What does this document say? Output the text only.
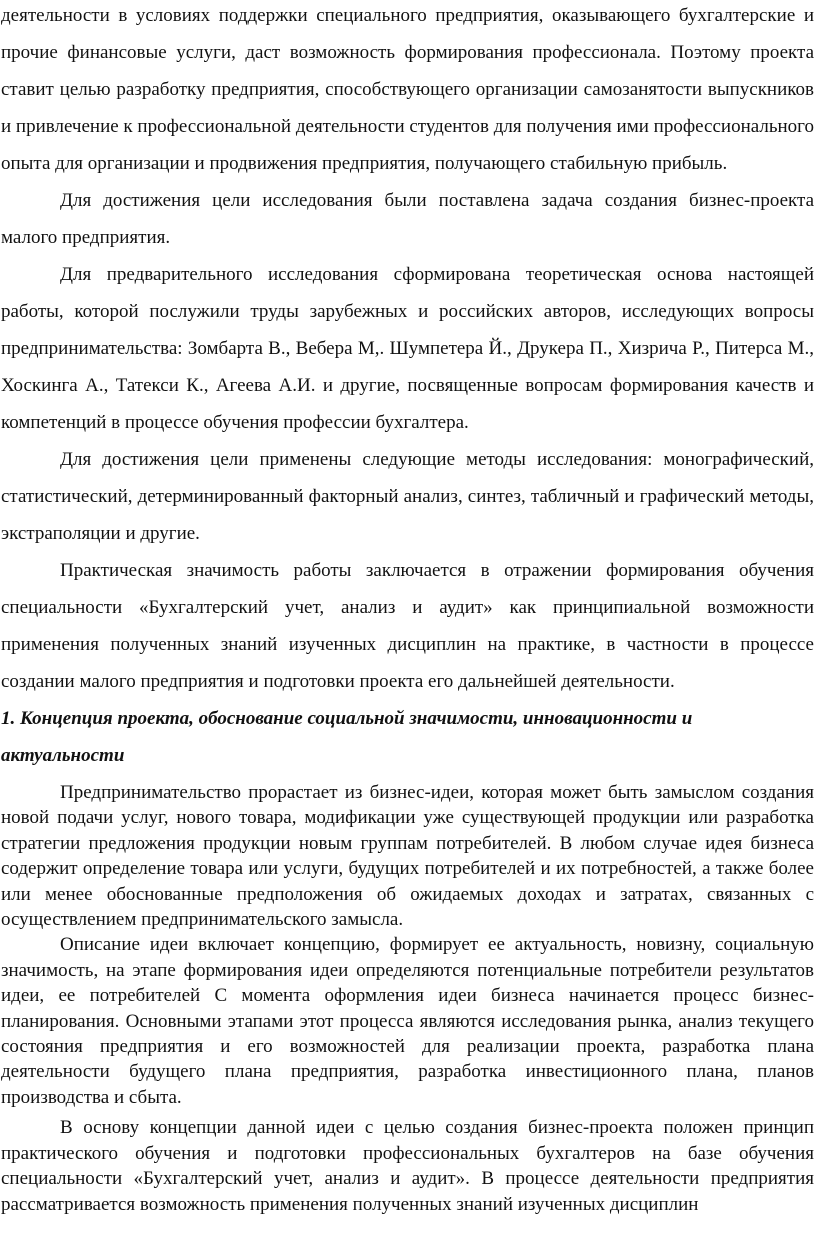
деятельности в условиях поддержки специального предприятия, оказывающего бухгалтерские и прочие финансовые услуги, даст возможность формирования профессионала. Поэтому проекта ставит целью разработку предприятия, способствующего организации самозанятости выпускников и привлечение к профессиональной деятельности студентов для получения ими профессионального опыта для организации и продвижения предприятия, получающего стабильную прибыль.

Для достижения цели исследования были поставлена задача создания бизнес-проекта малого предприятия.

Для предварительного исследования сформирована теоретическая основа настоящей работы, которой послужили труды зарубежных и российских авторов, исследующих вопросы предпринимательства: Зомбарта В., Вебера М,. Шумпетера Й., Друкера П., Хизрича Р., Питерса М., Хоскинга А., Татекси К., Агеева А.И. и другие, посвященные вопросам формирования качеств и компетенций в процессе обучения профессии бухгалтера.

Для достижения цели применены следующие методы исследования: монографический, статистический, детерминированный факторный анализ, синтез, табличный и графический методы, экстраполяции и другие.

Практическая значимость работы заключается в отражении формирования обучения специальности «Бухгалтерский учет, анализ и аудит» как принципиальной возможности применения полученных знаний изученных дисциплин на практике, в частности в процессе создании малого предприятия и подготовки проекта его дальнейшей деятельности.

1. Концепция проекта, обоснование социальной значимости, инновационности и актуальности

Предпринимательство прорастает из бизнес-идеи, которая может быть замыслом создания новой подачи услуг, нового товара, модификации уже существующей продукции или разработка стратегии предложения продукции новым группам потребителей. В любом случае идея бизнеса содержит определение товара или услуги, будущих потребителей и их потребностей, а также более или менее обоснованные предположения об ожидаемых доходах и затратах, связанных с осуществлением предпринимательского замысла.

Описание идеи включает концепцию, формирует ее актуальность, новизну, социальную значимость, на этапе формирования идеи определяются потенциальные потребители результатов идеи, ее потребителей С момента оформления идеи бизнеса начинается процесс бизнес-планирования. Основными этапами этот процесса являются исследования рынка, анализ текущего состояния предприятия и его возможностей для реализации проекта, разработка плана деятельности будущего плана предприятия, разработка инвестиционного плана, планов производства и сбыта.

В основу концепции данной идеи с целью создания бизнес-проекта положен принцип практического обучения и подготовки профессиональных бухгалтеров на базе обучения специальности «Бухгалтерский учет, анализ и аудит». В процессе деятельности предприятия рассматривается возможность применения полученных знаний изученных дисциплин
